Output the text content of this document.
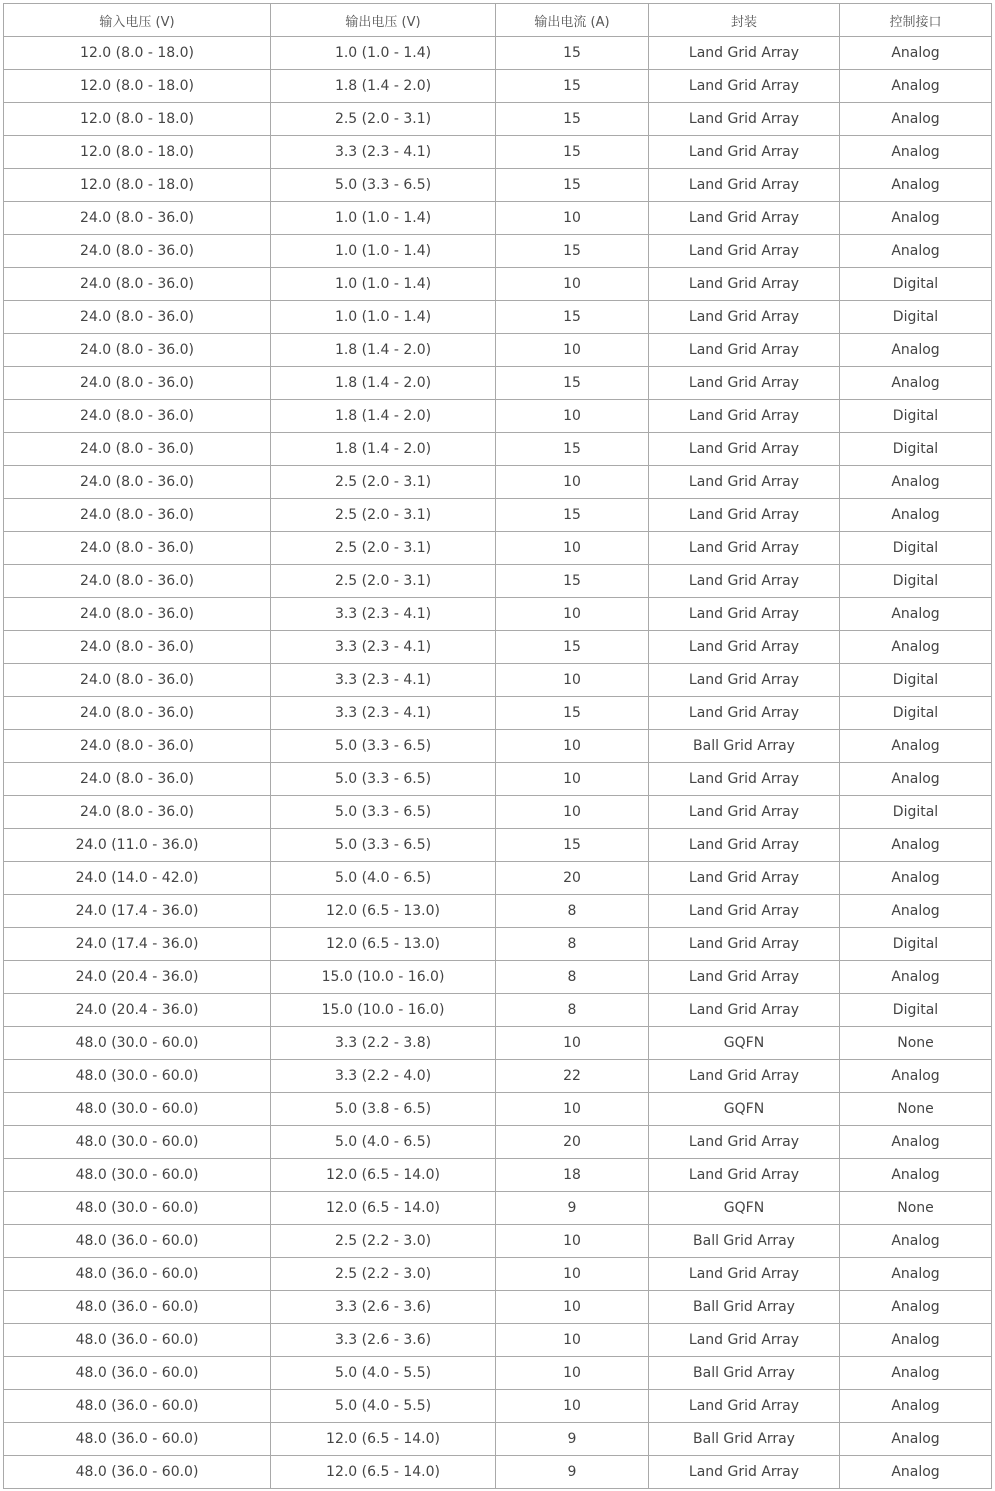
输入电压 (V)	输出电压 (V)	输出电流 (A)	封装	控制接口
12.0 (8.0 - 18.0)	1.0 (1.0 - 1.4)	15	Land Grid Array	Analog
12.0 (8.0 - 18.0)	1.8 (1.4 - 2.0)	15	Land Grid Array	Analog
12.0 (8.0 - 18.0)	2.5 (2.0 - 3.1)	15	Land Grid Array	Analog
12.0 (8.0 - 18.0)	3.3 (2.3 - 4.1)	15	Land Grid Array	Analog
12.0 (8.0 - 18.0)	5.0 (3.3 - 6.5)	15	Land Grid Array	Analog
24.0 (8.0 - 36.0)	1.0 (1.0 - 1.4)	10	Land Grid Array	Analog
24.0 (8.0 - 36.0)	1.0 (1.0 - 1.4)	15	Land Grid Array	Analog
24.0 (8.0 - 36.0)	1.0 (1.0 - 1.4)	10	Land Grid Array	Digital
24.0 (8.0 - 36.0)	1.0 (1.0 - 1.4)	15	Land Grid Array	Digital
24.0 (8.0 - 36.0)	1.8 (1.4 - 2.0)	10	Land Grid Array	Analog
24.0 (8.0 - 36.0)	1.8 (1.4 - 2.0)	15	Land Grid Array	Analog
24.0 (8.0 - 36.0)	1.8 (1.4 - 2.0)	10	Land Grid Array	Digital
24.0 (8.0 - 36.0)	1.8 (1.4 - 2.0)	15	Land Grid Array	Digital
24.0 (8.0 - 36.0)	2.5 (2.0 - 3.1)	10	Land Grid Array	Analog
24.0 (8.0 - 36.0)	2.5 (2.0 - 3.1)	15	Land Grid Array	Analog
24.0 (8.0 - 36.0)	2.5 (2.0 - 3.1)	10	Land Grid Array	Digital
24.0 (8.0 - 36.0)	2.5 (2.0 - 3.1)	15	Land Grid Array	Digital
24.0 (8.0 - 36.0)	3.3 (2.3 - 4.1)	10	Land Grid Array	Analog
24.0 (8.0 - 36.0)	3.3 (2.3 - 4.1)	15	Land Grid Array	Analog
24.0 (8.0 - 36.0)	3.3 (2.3 - 4.1)	10	Land Grid Array	Digital
24.0 (8.0 - 36.0)	3.3 (2.3 - 4.1)	15	Land Grid Array	Digital
24.0 (8.0 - 36.0)	5.0 (3.3 - 6.5)	10	Ball Grid Array	Analog
24.0 (8.0 - 36.0)	5.0 (3.3 - 6.5)	10	Land Grid Array	Analog
24.0 (8.0 - 36.0)	5.0 (3.3 - 6.5)	10	Land Grid Array	Digital
24.0 (11.0 - 36.0)	5.0 (3.3 - 6.5)	15	Land Grid Array	Analog
24.0 (14.0 - 42.0)	5.0 (4.0 - 6.5)	20	Land Grid Array	Analog
24.0 (17.4 - 36.0)	12.0 (6.5 - 13.0)	8	Land Grid Array	Analog
24.0 (17.4 - 36.0)	12.0 (6.5 - 13.0)	8	Land Grid Array	Digital
24.0 (20.4 - 36.0)	15.0 (10.0 - 16.0)	8	Land Grid Array	Analog
24.0 (20.4 - 36.0)	15.0 (10.0 - 16.0)	8	Land Grid Array	Digital
48.0 (30.0 - 60.0)	3.3 (2.2 - 3.8)	10	GQFN	None
48.0 (30.0 - 60.0)	3.3 (2.2 - 4.0)	22	Land Grid Array	Analog
48.0 (30.0 - 60.0)	5.0 (3.8 - 6.5)	10	GQFN	None
48.0 (30.0 - 60.0)	5.0 (4.0 - 6.5)	20	Land Grid Array	Analog
48.0 (30.0 - 60.0)	12.0 (6.5 - 14.0)	18	Land Grid Array	Analog
48.0 (30.0 - 60.0)	12.0 (6.5 - 14.0)	9	GQFN	None
48.0 (36.0 - 60.0)	2.5 (2.2 - 3.0)	10	Ball Grid Array	Analog
48.0 (36.0 - 60.0)	2.5 (2.2 - 3.0)	10	Land Grid Array	Analog
48.0 (36.0 - 60.0)	3.3 (2.6 - 3.6)	10	Ball Grid Array	Analog
48.0 (36.0 - 60.0)	3.3 (2.6 - 3.6)	10	Land Grid Array	Analog
48.0 (36.0 - 60.0)	5.0 (4.0 - 5.5)	10	Ball Grid Array	Analog
48.0 (36.0 - 60.0)	5.0 (4.0 - 5.5)	10	Land Grid Array	Analog
48.0 (36.0 - 60.0)	12.0 (6.5 - 14.0)	9	Ball Grid Array	Analog
48.0 (36.0 - 60.0)	12.0 (6.5 - 14.0)	9	Land Grid Array	Analog
